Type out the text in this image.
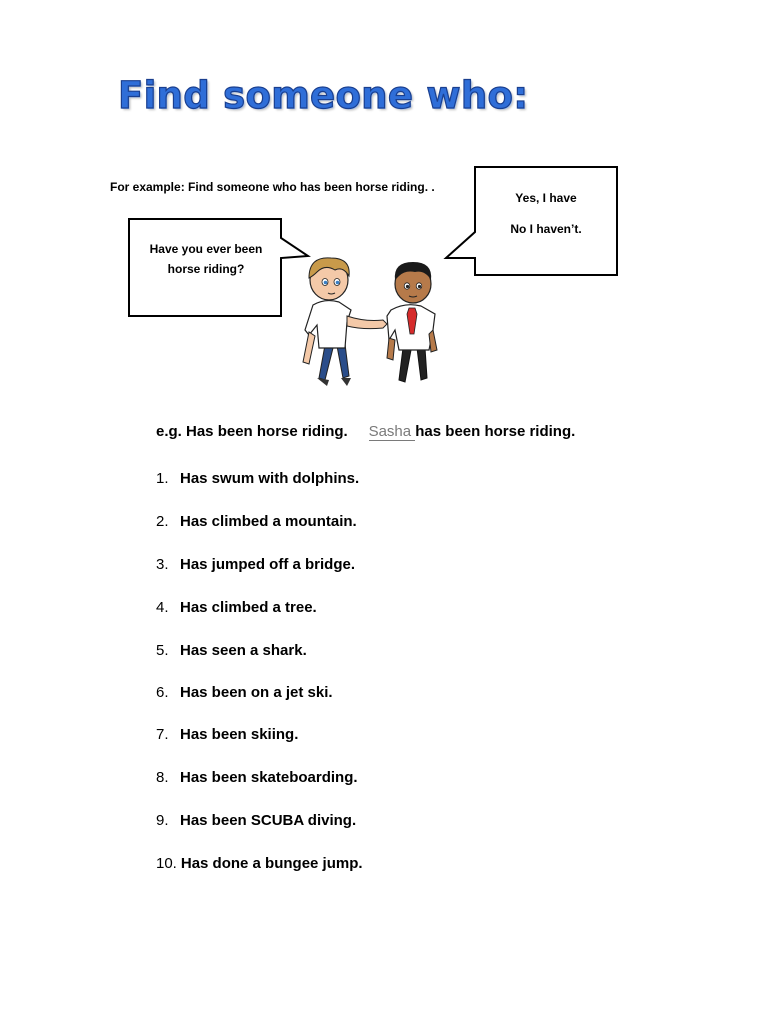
Find someone who:
For example: Find someone who has been horse riding. .
Have you ever been
horse riding?
Yes, I have
No I haven’t.
e.g. Has been horse riding. Sasha has been horse riding.
1. Has swum with dolphins.
2. Has climbed a mountain.
3. Has jumped off a bridge.
4. Has climbed a tree.
5. Has seen a shark.
6. Has been on a jet ski.
7. Has been skiing.
8. Has been skateboarding.
9. Has been SCUBA diving.
10. Has done a bungee jump.
